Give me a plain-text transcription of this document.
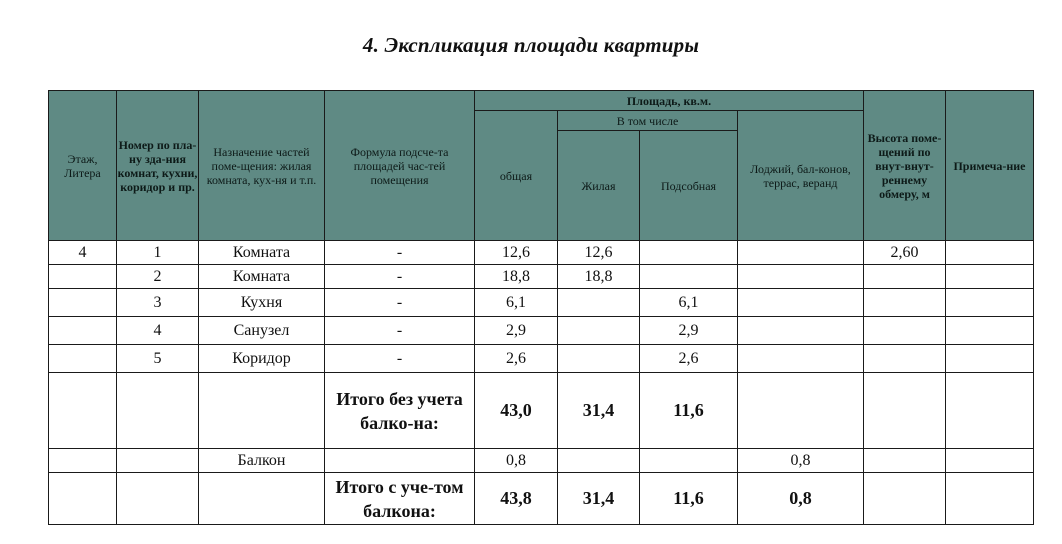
4. Экспликация площади квартиры
Этаж, Литера	Номер по пла-ну зда-ния комнат, кухни, коридор и пр.	Назначение частей поме-щения: жилая комната, кух-ня и т.п.	Формула подсче-та площадей час-тей помещения	Площадь, кв.м.				Высота поме-щений по внут-внут-реннему обмеру, м	Примеча-ние
				общая	В том числе		Лоджий, бал-конов, террас, веранд		
					Жилая	Подсобная			
4	1	Комната	-	12,6	12,6			2,60	
	2	Комната	-	18,8	18,8				
	3	Кухня	-	6,1		6,1			
	4	Санузел	-	2,9		2,9			
	5	Коридор	-	2,6		2,6			
			Итого без учета балко-на:	43,0	31,4	11,6			
		Балкон		0,8			0,8		
			Итого с уче-том балкона:	43,8	31,4	11,6	0,8		
